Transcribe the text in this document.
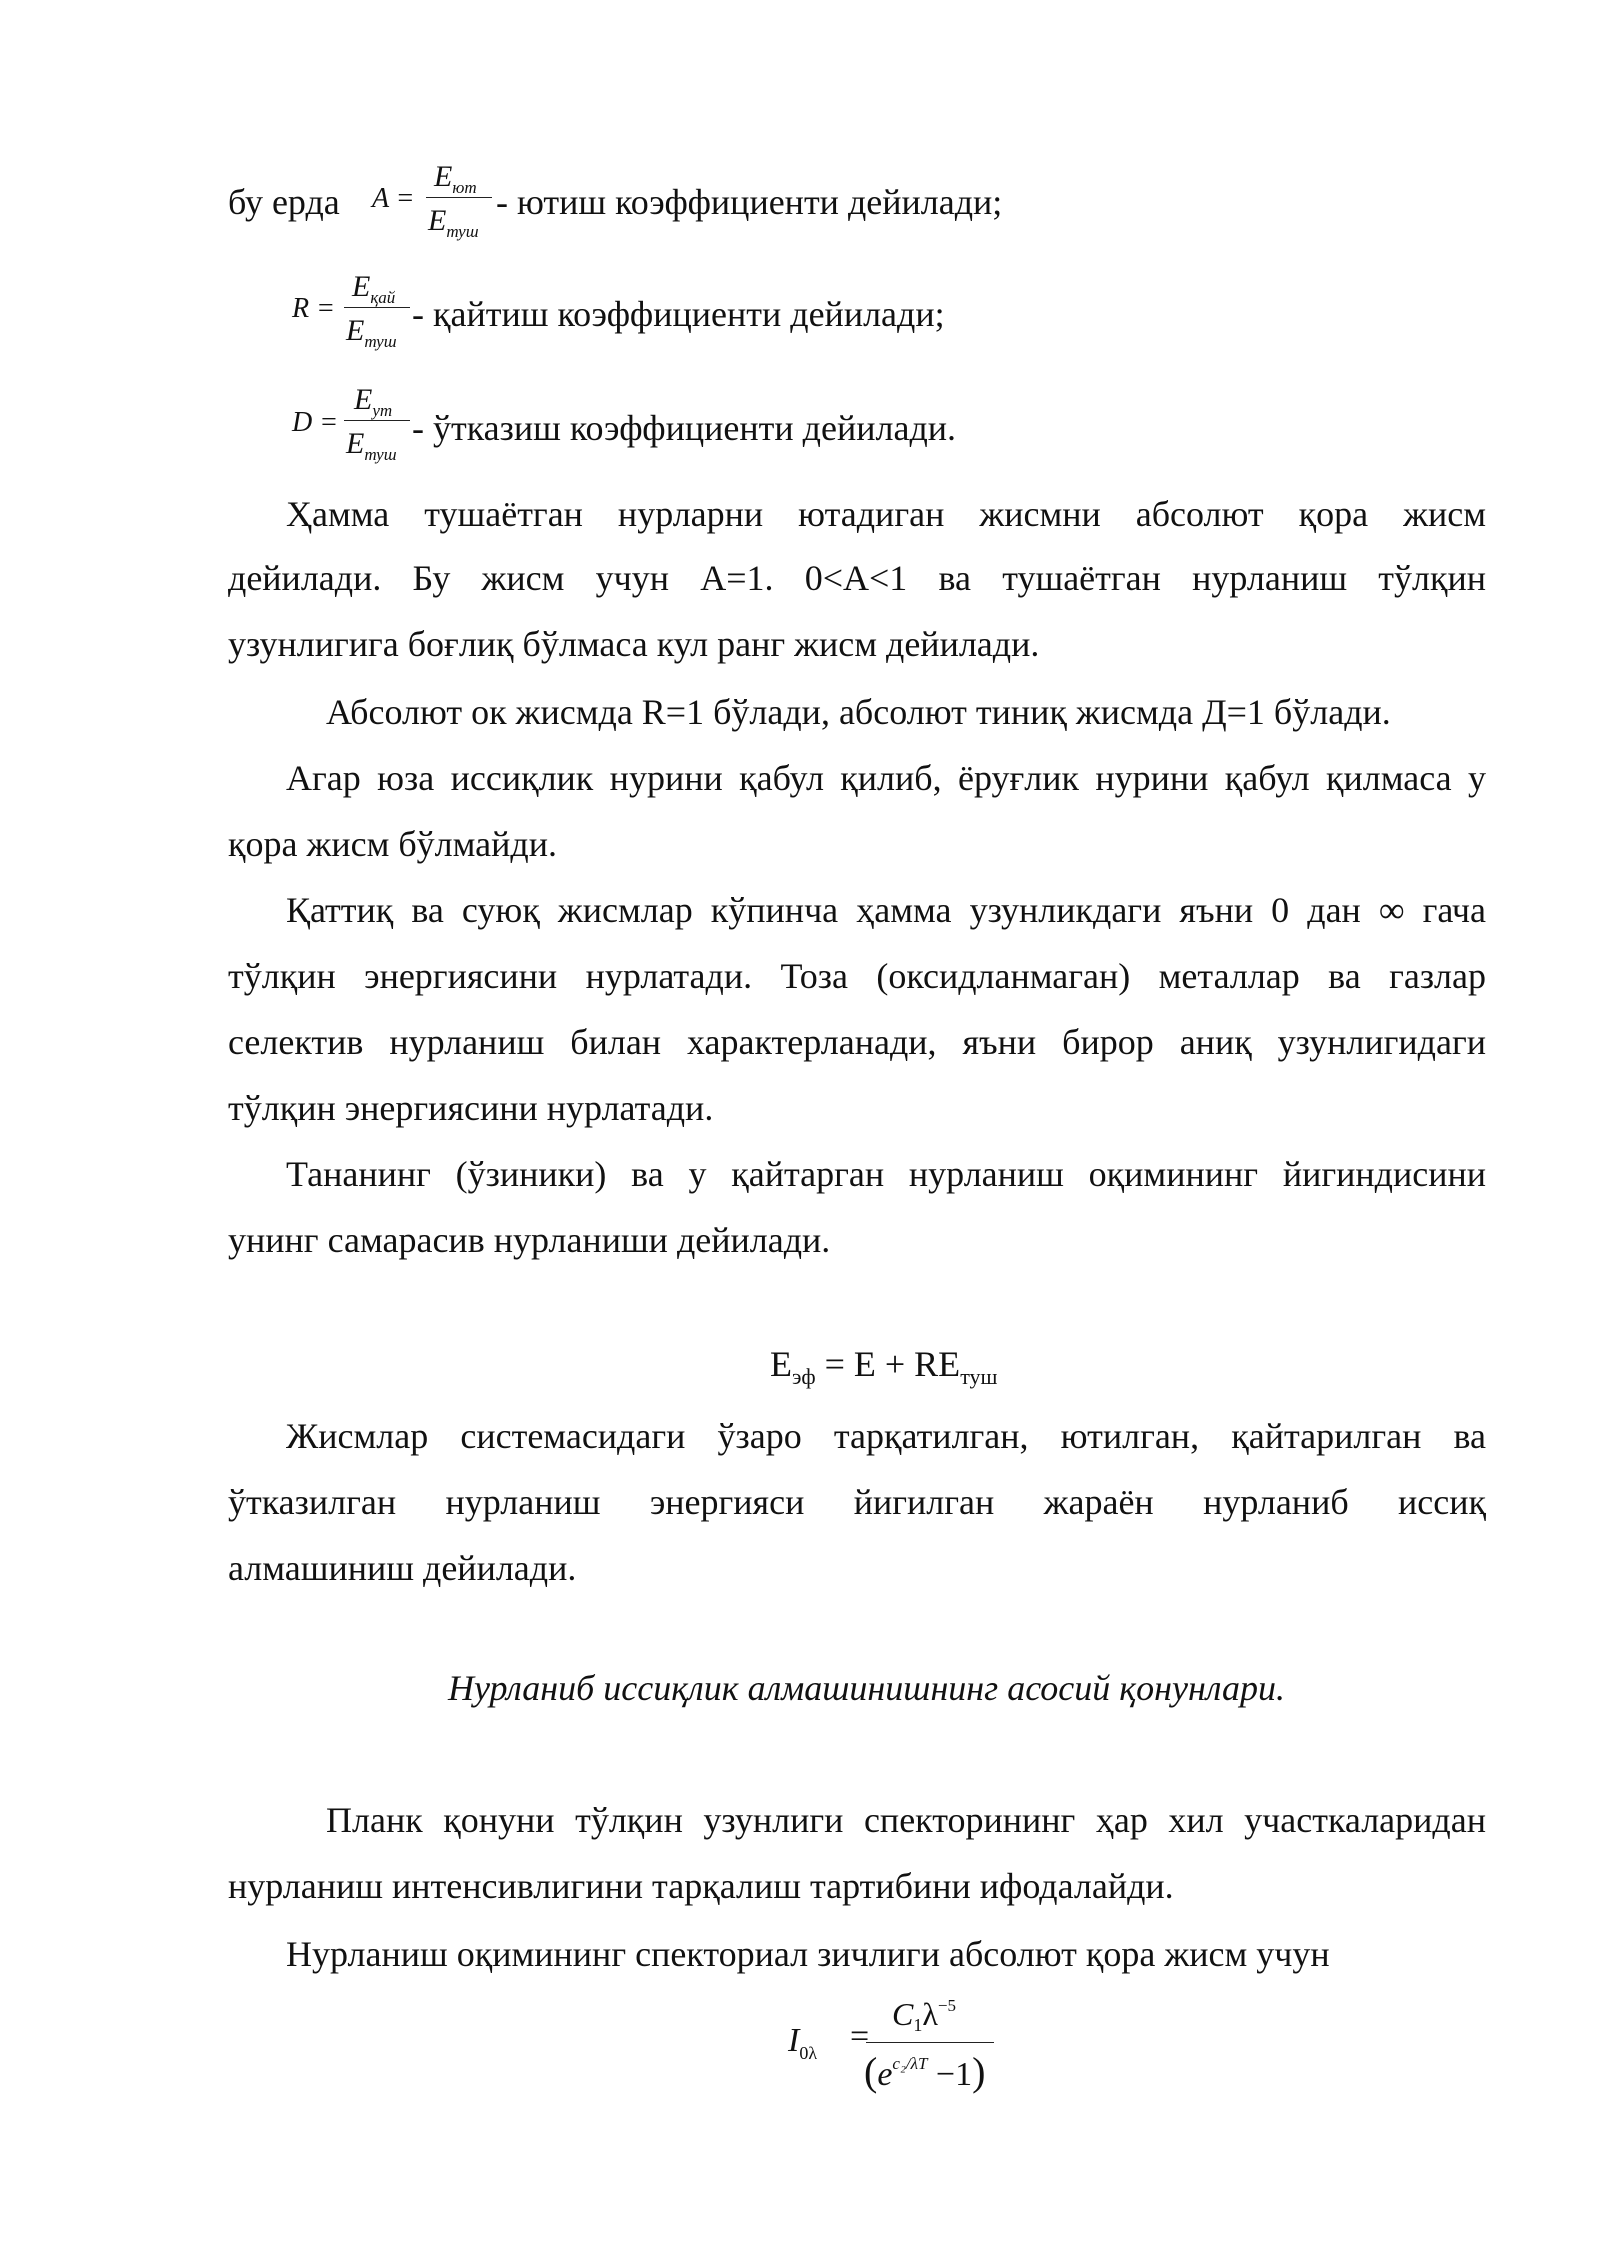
бу ерда A =
$E_{ют}$
$E_{туш}$
- ютиш коэффициенти дейилади;
R =
$E_{қай}$
$E_{туш}$
- қайтиш коэффициенти дейилади;
D =
$E_{ут}$
$E_{туш}$
- ўтказиш коэффициенти дейилади.
Ҳамма тушаётган нурларни ютадиган жисмни абсолют қора жисм
дейилади. Бу жисм учун А=1. 0<А<1 ва тушаётган нурланиш тўлқин
узунлигига боғлиқ бўлмаса кул ранг жисм дейилади.
Абсолют ок жисмда R=1 бўлади, абсолют тиниқ жисмда Д=1 бўлади.
Агар юза иссиқлик нурини қабул қилиб, ёруғлик нурини қабул қилмаса у
қора жисм бўлмайди.
Қаттиқ ва суюқ жисмлар кўпинча ҳамма узунликдаги яъни 0 дан ∞ гача
тўлқин энергиясини нурлатади. Тоза (оксидланмаган) металлар ва газлар
селектив нурланиш билан характерланади, яъни бирор аниқ узунлигидаги
тўлқин энергиясини нурлатади.
Тананинг (ўзиники) ва у қайтарган нурланиш оқимининг йигиндисини
унинг самарасив нурланиши дейилади.
$E_{эф} = E + RE_{туш}$
Жисмлар системасидаги ўзаро тарқатилган, ютилган, қайтарилган ва
ўтказилган нурланиш энергияси йигилган жараён нурланиб иссиқ
алмашиниш дейилади.
Нурланиб иссиқлик алмашинишнинг асосий қонунлари.
Планк қонуни тўлқин узунлиги спекторининг ҳар хил участкаларидан
нурланиш интенсивлигини тарқалиш тартибини ифодалайди.
Нурланиш оқимининг спекториал зичлиги абсолют қора жисм учун
$I_{0\lambda}$ =
$C1\lambda^{-5}$
$(e^{c_2/\lambda T} -1)$
